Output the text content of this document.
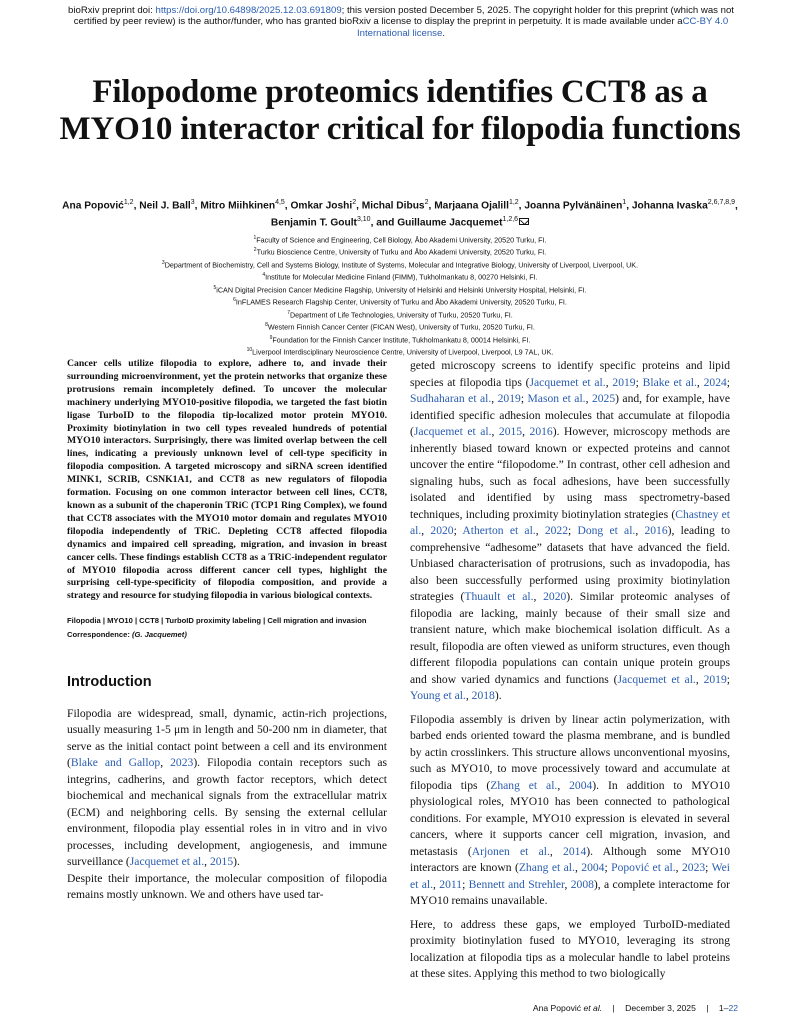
bioRxiv preprint doi: https://doi.org/10.64898/2025.12.03.691809; this version posted December 5, 2025. The copyright holder for this preprint (which was not certified by peer review) is the author/funder, who has granted bioRxiv a license to display the preprint in perpetuity. It is made available under aCC-BY 4.0 International license.
Filopodome proteomics identifies CCT8 as a MYO10 interactor critical for filopodia functions
Ana Popović$^{1,2}$, Neil J. Ball$^3$, Mitro Miihkinen$^{4,5}$, Omkar Joshi$^2$, Michal Dibus$^2$, Marjaana Ojalill$^{1,2}$, Joanna Pylvänäinen$^1$, Johanna Ivaska$^{2,6,7,8,9}$, Benjamin T. Goult$^{3,10}$, and Guillaume Jacquemet$^{1,2,6}$
$^1$Faculty of Science and Engineering, Cell Biology, Åbo Akademi University, 20520 Turku, FI.
$^2$Turku Bioscience Centre, University of Turku and Åbo Akademi University, 20520 Turku, FI.
$^3$Department of Biochemistry, Cell and Systems Biology, Institute of Systems, Molecular and Integrative Biology, University of Liverpool, Liverpool, UK.
$^4$Institute for Molecular Medicine Finland (FIMM), Tukholmankatu 8, 00270 Helsinki, FI.
$^5$iCAN Digital Precision Cancer Medicine Flagship, University of Helsinki and Helsinki University Hospital, Helsinki, FI.
$^6$InFLAMES Research Flagship Center, University of Turku and Åbo Akademi University, 20520 Turku, FI.
$^7$Department of Life Technologies, University of Turku, 20520 Turku, FI.
$^8$Western Finnish Cancer Center (FICAN West), University of Turku, 20520 Turku, FI.
$^9$Foundation for the Finnish Cancer Institute, Tukholmankatu 8, 00014 Helsinki, FI.
$^{10}$Liverpool Interdisciplinary Neuroscience Centre, University of Liverpool, Liverpool, L9 7AL, UK.

Cancer cells utilize filopodia to explore, adhere to, and invade their surrounding microenvironment, yet the protein networks that organize these protrusions remain incompletely defined. To uncover the molecular machinery underlying MYO10-positive filopodia, we targeted the fast biotin ligase TurboID to the filopodia tip-localized motor protein MYO10. Proximity biotinylation in two cell types revealed hundreds of potential MYO10 interactors. Surprisingly, there was limited overlap between the cell lines, indicating a previously unknown level of cell-type specificity in filopodia composition. A targeted microscopy and siRNA screen identified MINK1, SCRIB, CSNK1A1, and CCT8 as new regulators of filopodia formation. Focusing on one common interactor between cell lines, CCT8, known as a subunit of the chaperonin TRiC (TCP1 Ring Complex), we found that CCT8 associates with the MYO10 motor domain and regulates MYO10 filopodia independently of TRiC. Depleting CCT8 affected filopodia dynamics and impaired cell spreading, migration, and invasion in breast cancer cells. These findings establish CCT8 as a TRiC-independent regulator of MYO10 filopodia across different cancer cell types, highlight the surprising cell-type-specificity of filopodia composition, and provide a strategy and resource for studying filopodia in various biological contexts.

Filopodia | MYO10 | CCT8 | TurboID proximity labeling | Cell migration and invasion

Correspondence: (G. Jacquemet)

Introduction

Filopodia are widespread, small, dynamic, actin-rich projections, usually measuring 1-5 μm in length and 50-200 nm in diameter, that serve as the initial contact point between a cell and its environment (Blake and Gallop, 2023). Filopodia contain receptors such as integrins, cadherins, and growth factor receptors, which detect biochemical and mechanical signals from the extracellular matrix (ECM) and neighboring cells. By sensing the external cellular environment, filopodia play essential roles in in vitro and in vivo processes, including development, angiogenesis, and immune surveillance (Jacquemet et al., 2015).

Despite their importance, the molecular composition of filopodia remains mostly unknown. We and others have used tar-

geted microscopy screens to identify specific proteins and lipid species at filopodia tips (Jacquemet et al., 2019; Blake et al., 2024; Sudhaharan et al., 2019; Mason et al., 2025) and, for example, have identified specific adhesion molecules that accumulate at filopodia (Jacquemet et al., 2015, 2016). However, microscopy methods are inherently biased toward known or expected proteins and cannot uncover the entire “filopodome.” In contrast, other cell adhesion and signaling hubs, such as focal adhesions, have been successfully isolated and identified by using mass spectrometry-based techniques, including proximity biotinylation strategies (Chastney et al., 2020; Atherton et al., 2022; Dong et al., 2016), leading to comprehensive “adhesome” datasets that have advanced the field. Unbiased characterisation of protrusions, such as invadopodia, has also been successfully performed using proximity biotinylation strategies (Thuault et al., 2020). Similar proteomic analyses of filopodia are lacking, mainly because of their small size and transient nature, which make biochemical isolation difficult. As a result, filopodia are often viewed as uniform structures, even though different filopodia populations can contain unique protein groups and show varied dynamics and functions (Jacquemet et al., 2019; Young et al., 2018).

Filopodia assembly is driven by linear actin polymerization, with barbed ends oriented toward the plasma membrane, and is bundled by actin crosslinkers. This structure allows unconventional myosins, such as MYO10, to move processively toward and accumulate at filopodia tips (Zhang et al., 2004). In addition to MYO10 physiological roles, MYO10 has been connected to pathological conditions. For example, MYO10 expression is elevated in several cancers, where it supports cancer cell migration, invasion, and metastasis (Arjonen et al., 2014). Although some MYO10 interactors are known (Zhang et al., 2004; Popović et al., 2023; Wei et al., 2011; Bennett and Strehler, 2008), a complete interactome for MYO10 remains unavailable.

Here, to address these gaps, we employed TurboID-mediated proximity biotinylation fused to MYO10, leveraging its strong localization at filopodia tips as a molecular handle to label proteins at these sites. Applying this method to two biologically

Ana Popović et al. | December 3, 2025 | 1–22
